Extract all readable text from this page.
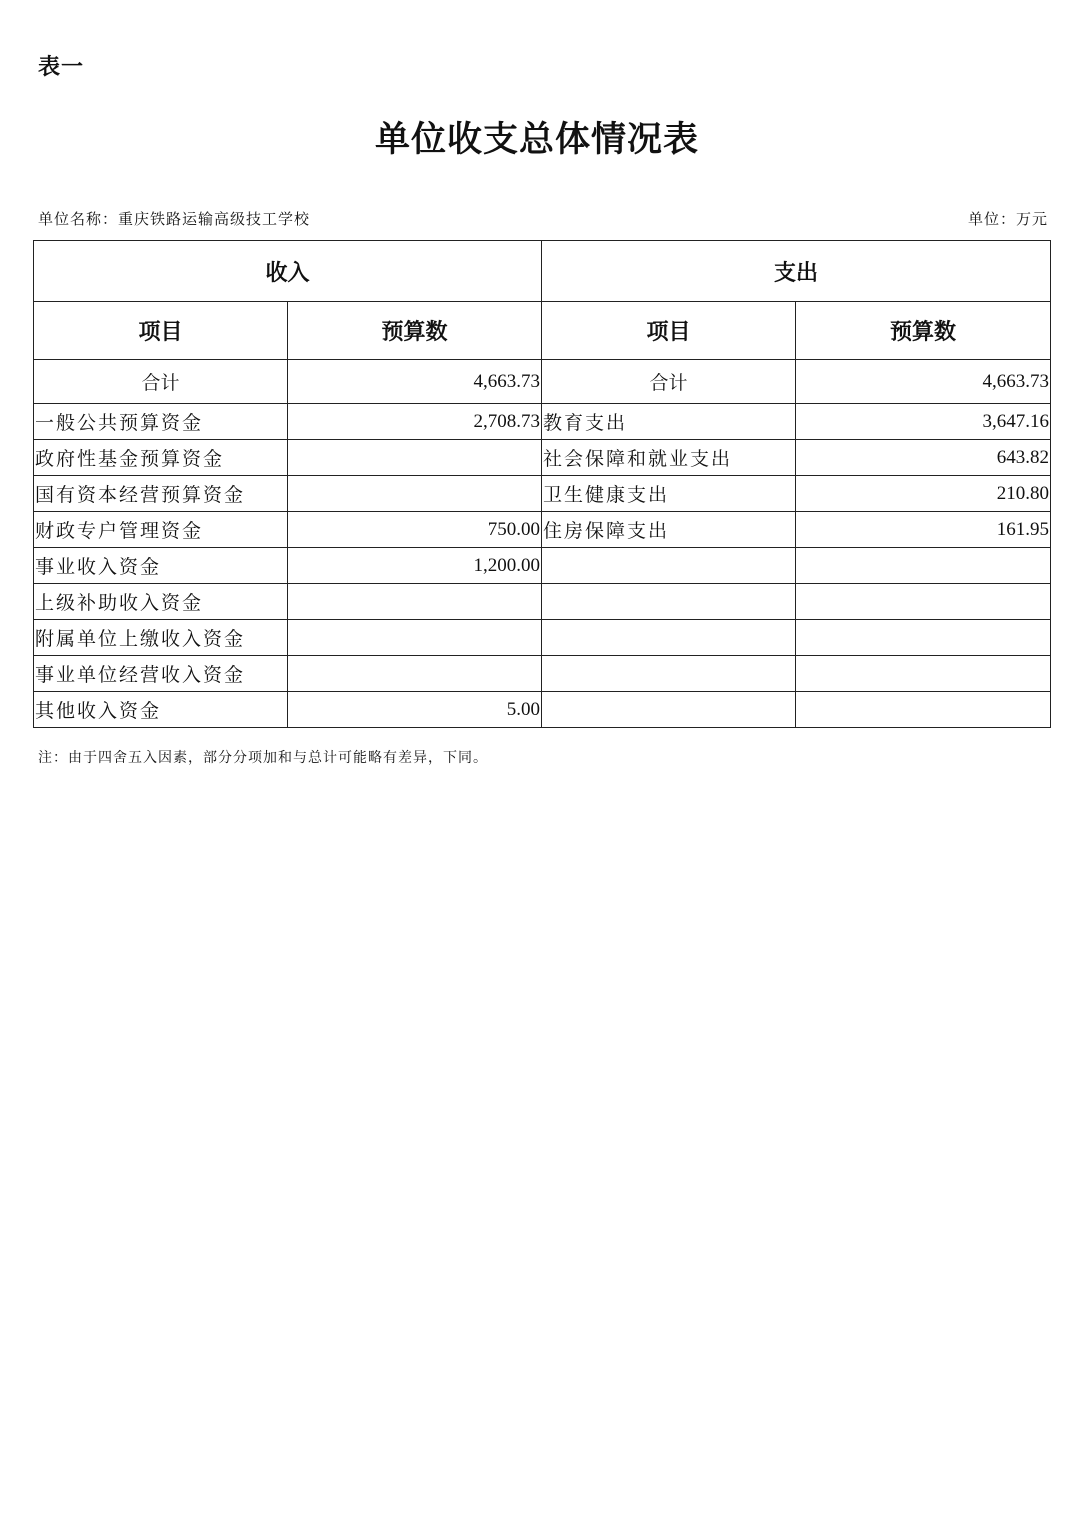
表一
单位收支总体情况表
单位名称：重庆铁路运输高级技工学校	单位：万元
收入		支出	
项目	预算数	项目	预算数
合计	4,663.73	合计	4,663.73
一般公共预算资金	2,708.73	教育支出	3,647.16
政府性基金预算资金		社会保障和就业支出	643.82
国有资本经营预算资金		卫生健康支出	210.80
财政专户管理资金	750.00	住房保障支出	161.95
事业收入资金	1,200.00		
上级补助收入资金			
附属单位上缴收入资金			
事业单位经营收入资金			
其他收入资金	5.00		
注：由于四舍五入因素，部分分项加和与总计可能略有差异，下同。
